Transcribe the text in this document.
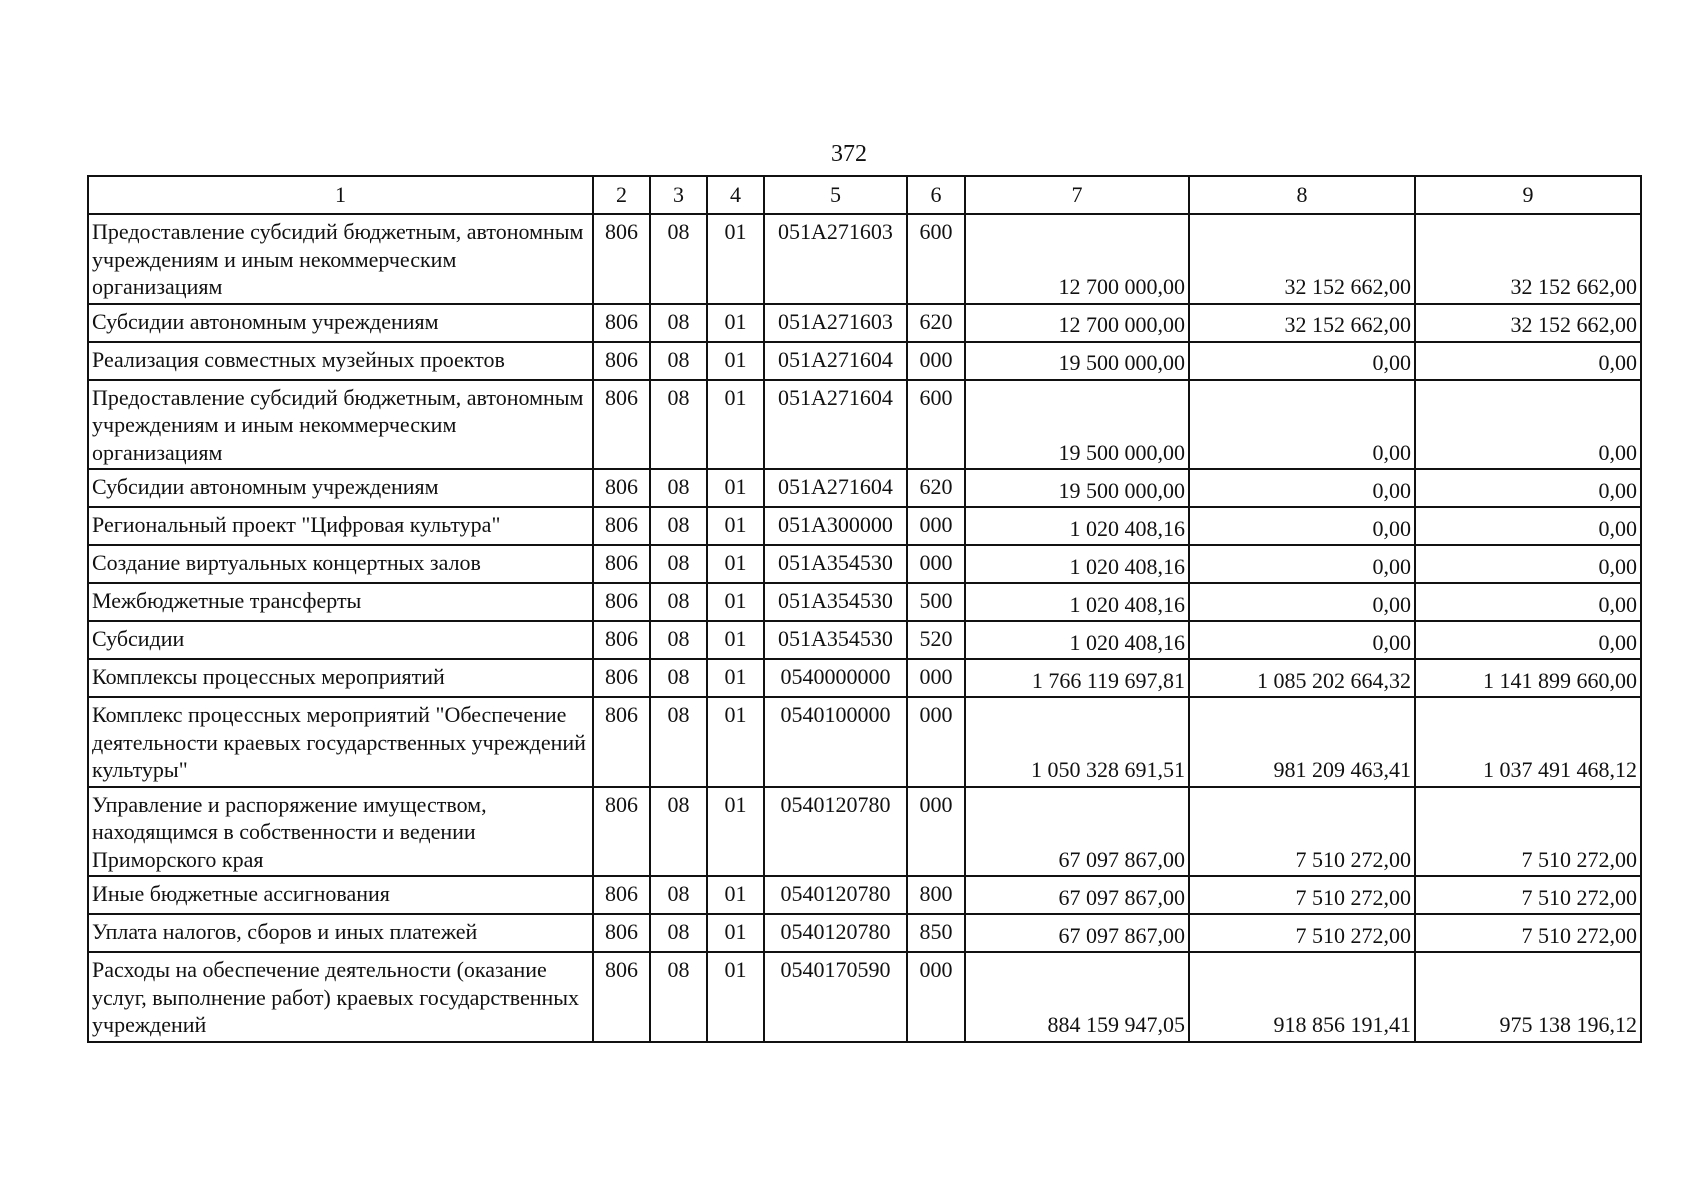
372
1	2	3	4	5	6	7	8	9
Предоставление субсидий бюджетным, автономным учреждениям и иным некоммерческим организациям	806	08	01	051A271603	600	12 700 000,00	32 152 662,00	32 152 662,00
Субсидии автономным учреждениям	806	08	01	051A271603	620	12 700 000,00	32 152 662,00	32 152 662,00
Реализация совместных музейных проектов	806	08	01	051A271604	000	19 500 000,00	0,00	0,00
Предоставление субсидий бюджетным, автономным учреждениям и иным некоммерческим организациям	806	08	01	051A271604	600	19 500 000,00	0,00	0,00
Субсидии автономным учреждениям	806	08	01	051A271604	620	19 500 000,00	0,00	0,00
Региональный проект "Цифровая культура"	806	08	01	051A300000	000	1 020 408,16	0,00	0,00
Создание виртуальных концертных залов	806	08	01	051A354530	000	1 020 408,16	0,00	0,00
Межбюджетные трансферты	806	08	01	051A354530	500	1 020 408,16	0,00	0,00
Субсидии	806	08	01	051A354530	520	1 020 408,16	0,00	0,00
Комплексы процессных мероприятий	806	08	01	0540000000	000	1 766 119 697,81	1 085 202 664,32	1 141 899 660,00
Комплекс процессных мероприятий "Обеспечение деятельности краевых государственных учреждений культуры"	806	08	01	0540100000	000	1 050 328 691,51	981 209 463,41	1 037 491 468,12
Управление и распоряжение имуществом, находящимся в собственности и ведении Приморского края	806	08	01	0540120780	000	67 097 867,00	7 510 272,00	7 510 272,00
Иные бюджетные ассигнования	806	08	01	0540120780	800	67 097 867,00	7 510 272,00	7 510 272,00
Уплата налогов, сборов и иных платежей	806	08	01	0540120780	850	67 097 867,00	7 510 272,00	7 510 272,00
Расходы на обеспечение деятельности (оказание услуг, выполнение работ) краевых государственных учреждений	806	08	01	0540170590	000	884 159 947,05	918 856 191,41	975 138 196,12
